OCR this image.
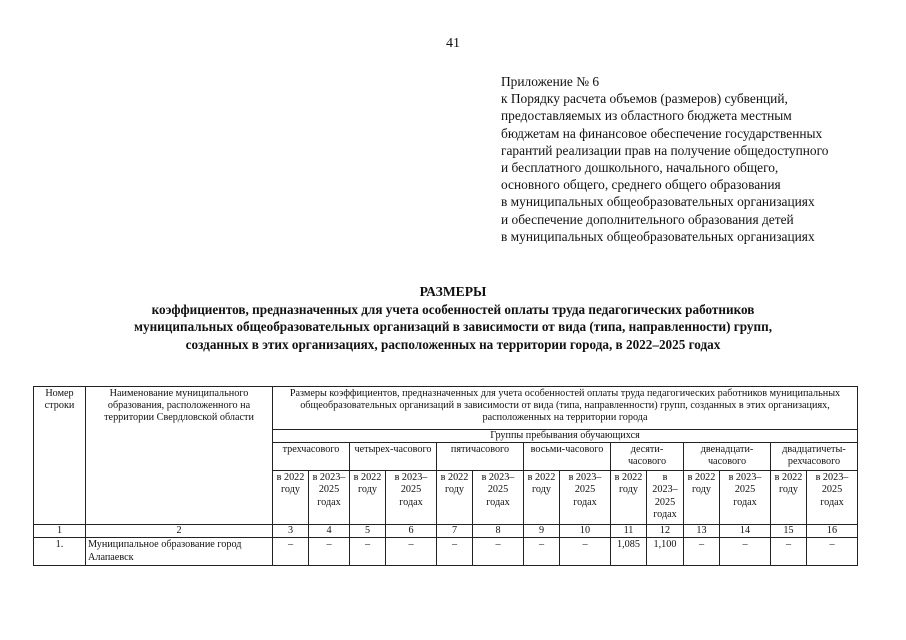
41
Приложение № 6
к Порядку расчета объемов (размеров) субвенций,
предоставляемых из областного бюджета местным
бюджетам на финансовое обеспечение государственных
гарантий реализации прав на получение общедоступного
и бесплатного дошкольного, начального общего,
основного общего, среднего общего образования
в муниципальных общеобразовательных организациях
и обеспечение дополнительного образования детей
в муниципальных общеобразовательных организациях
РАЗМЕРЫ
коэффициентов, предназначенных для учета особенностей оплаты труда педагогических работников
муниципальных общеобразовательных организаций в зависимости от вида (типа, направленности) групп,
созданных в этих организациях, расположенных на территории города, в 2022–2025 годах
Номер строки	Наименование муниципального образования, расположенного на территории Свердловской области	Размеры коэффициентов, предназначенных для учета особенностей оплаты труда педагогических работников муниципальных общеобразовательных организаций в зависимости от вида (типа, направленности) групп, созданных в этих организациях, расположенных на территории города													
		Группы пребывания обучающихся													
		трехчасового		четырех-часового		пятичасового		восьми-часового		десяти-часового		двенадцати-часового		двадцатичеты-рехчасового	
		в 2022 году	в 2023–2025 годах	в 2022 году	в 2023–2025 годах	в 2022 году	в 2023–2025 годах	в 2022 году	в 2023–2025 годах	в 2022 году	в 2023–2025 годах	в 2022 году	в 2023–2025 годах	в 2022 году	в 2023–2025 годах
1	2	3	4	5	6	7	8	9	10	11	12	13	14	15	16
1.	Муниципальное образование город Алапаевск	–	–	–	–	–	–	–	–	1,085	1,100	–	–	–	–
